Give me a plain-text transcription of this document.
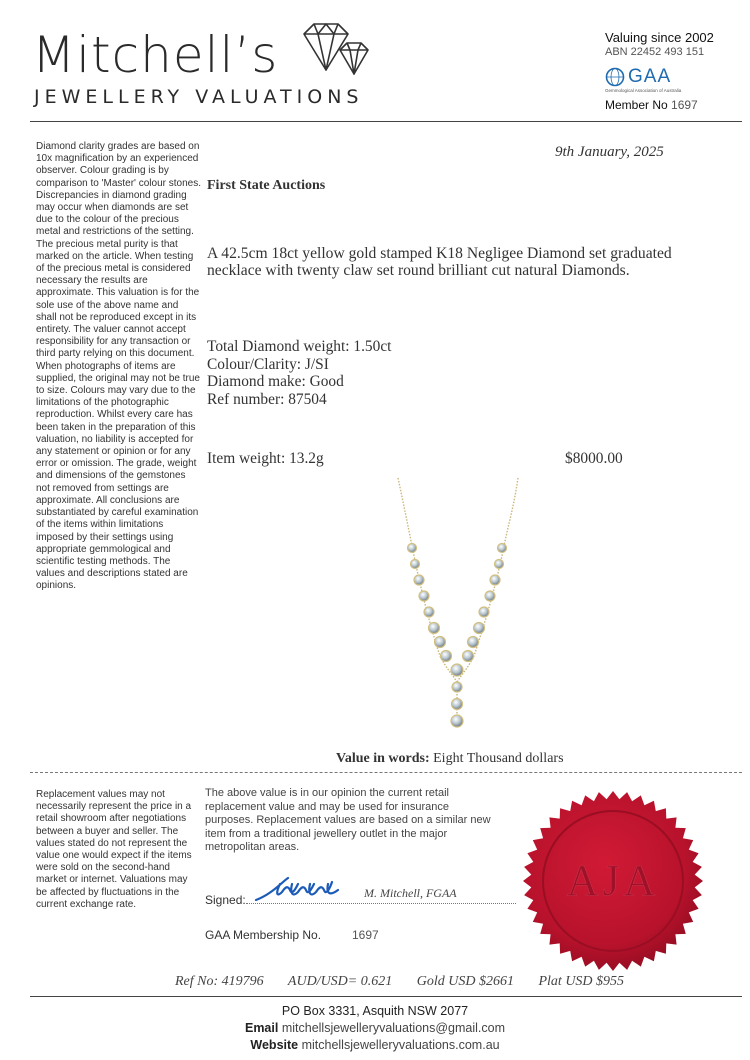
Mitchell’s
JEWELLERY VALUATIONS
Valuing since 2002
ABN 22452 493 151
GAA
Gemmological Association of Australia
Member No 1697
Diamond clarity grades are based on 10x magnification by an experienced observer. Colour grading is by comparison to 'Master' colour stones. Discrepancies in diamond grading may occur when diamonds are set due to the colour of the precious metal and restrictions of the setting. The precious metal purity is that marked on the article. When testing of the precious metal is considered necessary the results are approximate. This valuation is for the sole use of the above name and shall not be reproduced except in its entirety. The valuer cannot accept responsibility for any transaction or third party relying on this document. When photographs of items are supplied, the original may not be true to size. Colours may vary due to the limitations of the photographic reproduction. Whilst every care has been taken in the preparation of this valuation, no liability is accepted for any statement or opinion or for any error or omission. The grade, weight and dimensions of the gemstones not removed from settings are approximate. All conclusions are substantiated by careful examination of the items within limitations imposed by their settings using appropriate gemmological and scientific testing methods. The values and descriptions stated are opinions.
9th January, 2025
First State Auctions
A 42.5cm 18ct yellow gold stamped K18 Negligee Diamond set graduated necklace with twenty claw set round brilliant cut natural Diamonds.
Total Diamond weight: 1.50ct
Colour/Clarity: J/SI
Diamond make: Good
Ref number: 87504
Item weight: 13.2g	$8000.00
Value in words: Eight Thousand dollars
Replacement values may not necessarily represent the price in a retail showroom after negotiations between a buyer and seller. The values stated do not represent the value one would expect if the items were sold on the second-hand market or internet. Valuations may be affected by fluctuations in the current exchange rate.
The above value is in our opinion the current retail replacement value and may be used for insurance purposes. Replacement values are based on a similar new item from a traditional jewellery outlet in the major metropolitan areas.
Signed:	M. Mitchell, FGAA
GAA Membership No.	1697
AJA
Ref No: 419796 AUD/USD= 0.621 Gold USD $2661 Plat USD $955
PO Box 3331, Asquith NSW 2077
Email mitchellsjewelleryvaluations@gmail.com
Website mitchellsjewelleryvaluations.com.au
